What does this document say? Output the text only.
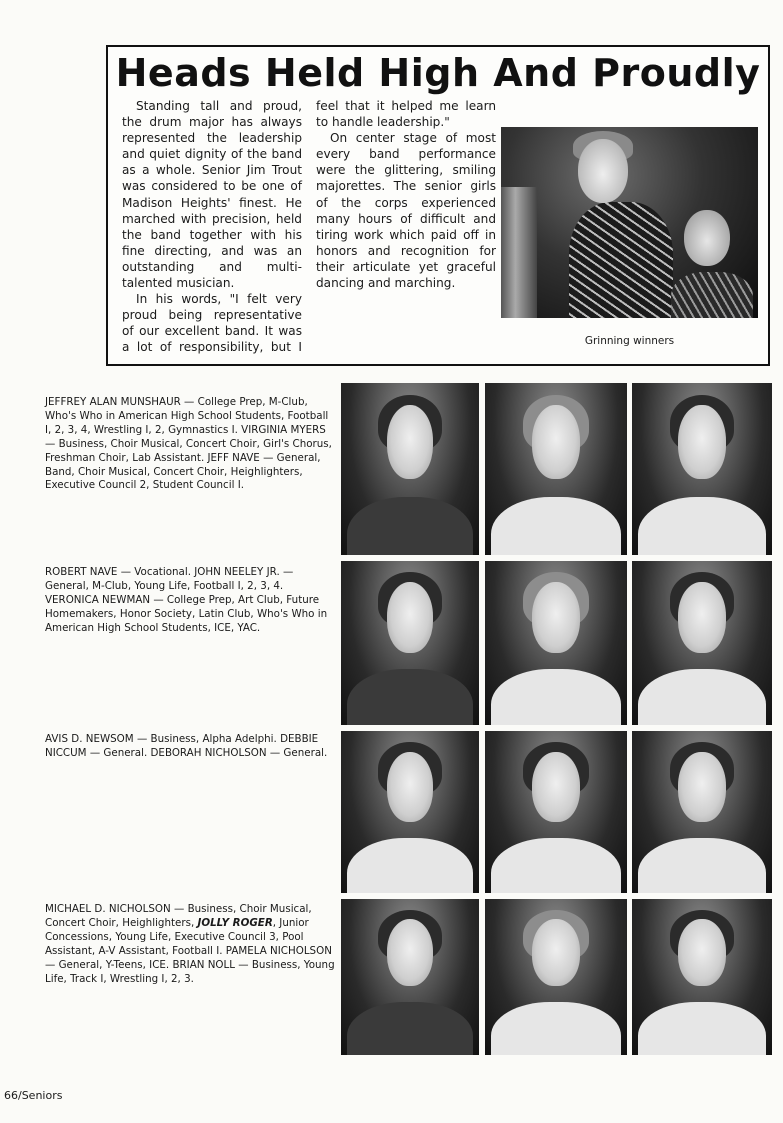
Heads Held High And Proudly

Standing tall and proud, the drum major has always represented the leadership and quiet dignity of the band as a whole. Senior Jim Trout was considered to be one of Madison Heights' finest. He marched with precision, held the band together with his fine directing, and was an outstanding and multi-talented musician.

In his words, "I felt very proud being representative of our excellent band. It was a lot of responsibility, but I feel that it helped me learn to handle leadership."

On center stage of most every band performance were the glittering, smiling majorettes. The senior girls of the corps experienced many hours of difficult and tiring work which paid off in honors and recognition for their articulate yet graceful dancing and marching.

Grinning winners

JEFFREY ALAN MUNSHAUR — College Prep, M-Club, Who's Who in American High School Students, Football I, 2, 3, 4, Wrestling I, 2, Gymnastics I. VIRGINIA MYERS — Business, Choir Musical, Concert Choir, Girl's Chorus, Freshman Choir, Lab Assistant. JEFF NAVE — General, Band, Choir Musical, Concert Choir, Heighlighters, Executive Council 2, Student Council I.

ROBERT NAVE — Vocational. JOHN NEELEY JR. — General, M-Club, Young Life, Football I, 2, 3, 4. VERONICA NEWMAN — College Prep, Art Club, Future Homemakers, Honor Society, Latin Club, Who's Who in American High School Students, ICE, YAC.

AVIS D. NEWSOM — Business, Alpha Adelphi. DEBBIE NICCUM — General. DEBORAH NICHOLSON — General.

MICHAEL D. NICHOLSON — Business, Choir Musical, Concert Choir, Heighlighters, JOLLY ROGER, Junior Concessions, Young Life, Executive Council 3, Pool Assistant, A-V Assistant, Football I. PAMELA NICHOLSON — General, Y-Teens, ICE. BRIAN NOLL — Business, Young Life, Track I, Wrestling I, 2, 3.

66/Seniors
